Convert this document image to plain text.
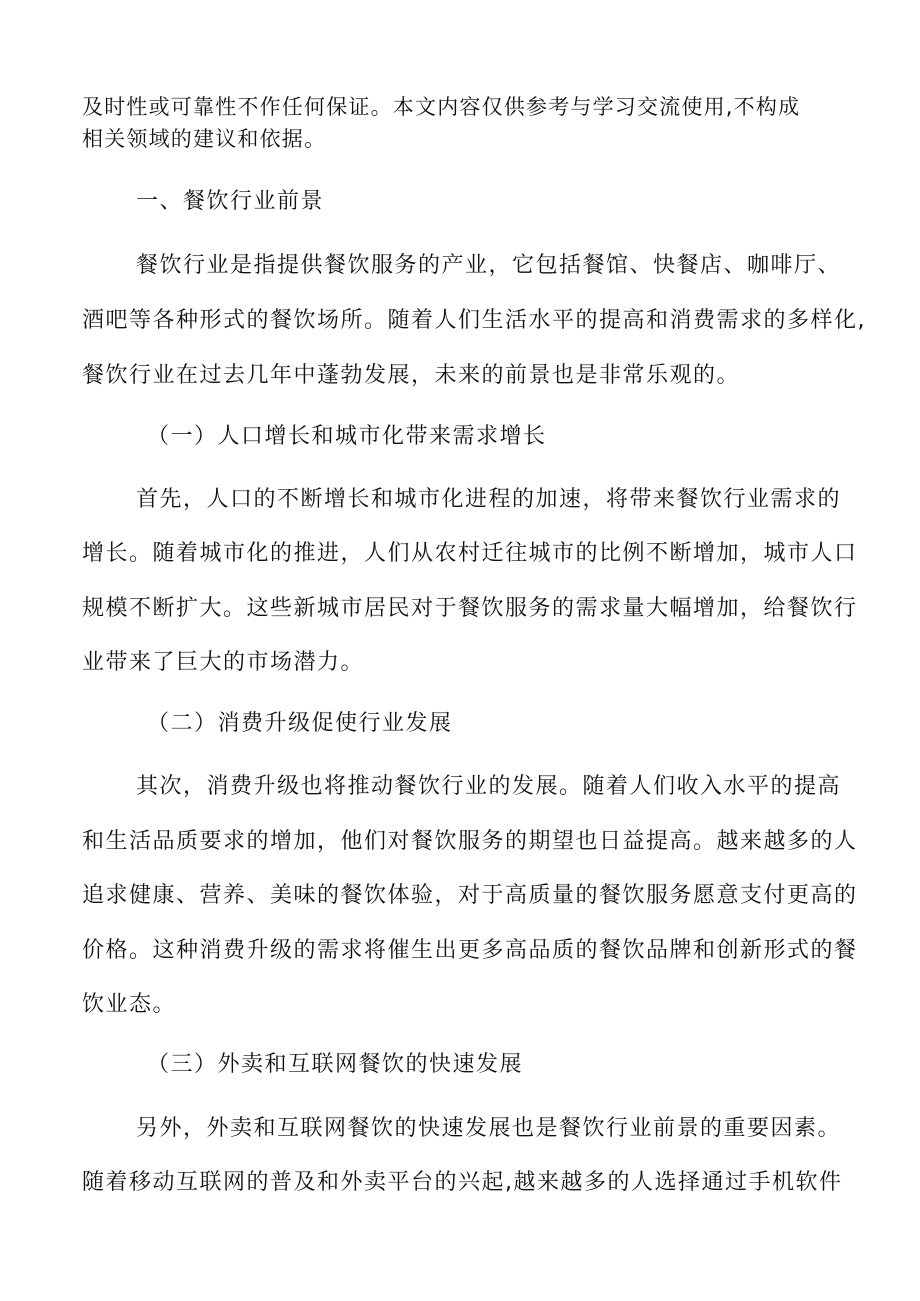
及时性或可靠性不作任何保证。本文内容仅供参考与学习交流使用,不构成
相关领域的建议和依据。
一、餐饮行业前景
餐饮行业是指提供餐饮服务的产业，它包括餐馆、快餐店、咖啡厅、
酒吧等各种形式的餐饮场所。随着人们生活水平的提高和消费需求的多样化,
餐饮行业在过去几年中蓬勃发展，未来的前景也是非常乐观的。
（一）人口增长和城市化带来需求增长
首先，人口的不断增长和城市化进程的加速，将带来餐饮行业需求的
增长。随着城市化的推进，人们从农村迁往城市的比例不断增加，城市人口
规模不断扩大。这些新城市居民对于餐饮服务的需求量大幅增加，给餐饮行
业带来了巨大的市场潜力。
（二）消费升级促使行业发展
其次，消费升级也将推动餐饮行业的发展。随着人们收入水平的提高
和生活品质要求的增加，他们对餐饮服务的期望也日益提高。越来越多的人
追求健康、营养、美味的餐饮体验，对于高质量的餐饮服务愿意支付更高的
价格。这种消费升级的需求将催生出更多高品质的餐饮品牌和创新形式的餐
饮业态。
（三）外卖和互联网餐饮的快速发展
另外，外卖和互联网餐饮的快速发展也是餐饮行业前景的重要因素。
随着移动互联网的普及和外卖平台的兴起,越来越多的人选择通过手机软件
